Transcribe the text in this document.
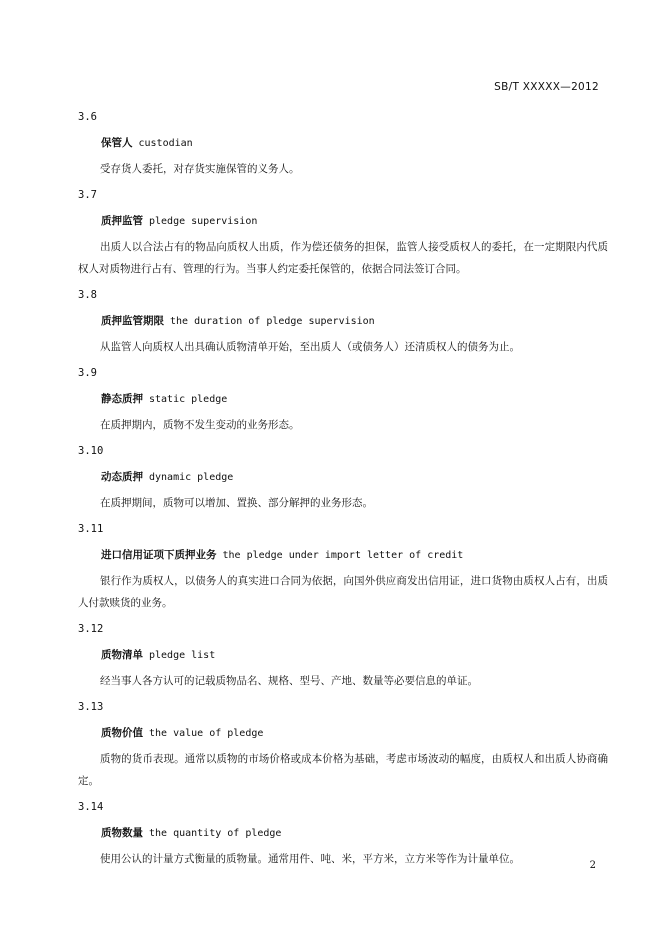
SB/T XXXXX—2012
3.6
保管人 custodian

受存货人委托，对存货实施保管的义务人。

3.7
质押监管 pledge supervision

出质人以合法占有的物品向质权人出质，作为偿还债务的担保，监管人接受质权人的委托，在一定期限内代质权人对质物进行占有、管理的行为。当事人约定委托保管的，依据合同法签订合同。

3.8
质押监管期限 the duration of pledge supervision

从监管人向质权人出具确认质物清单开始，至出质人（或债务人）还清质权人的债务为止。

3.9
静态质押 static pledge

在质押期内，质物不发生变动的业务形态。

3.10
动态质押 dynamic pledge

在质押期间，质物可以增加、置换、部分解押的业务形态。

3.11
进口信用证项下质押业务 the pledge under import letter of credit

银行作为质权人，以债务人的真实进口合同为依据，向国外供应商发出信用证，进口货物由质权人占有，出质人付款赎货的业务。

3.12
质物清单 pledge list

经当事人各方认可的记载质物品名、规格、型号、产地、数量等必要信息的单证。

3.13
质物价值 the value of pledge

质物的货币表现。通常以质物的市场价格或成本价格为基础，考虑市场波动的幅度，由质权人和出质人协商确定。

3.14
质物数量 the quantity of pledge

使用公认的计量方式衡量的质物量。通常用件、吨、米，平方米，立方米等作为计量单位。

2
